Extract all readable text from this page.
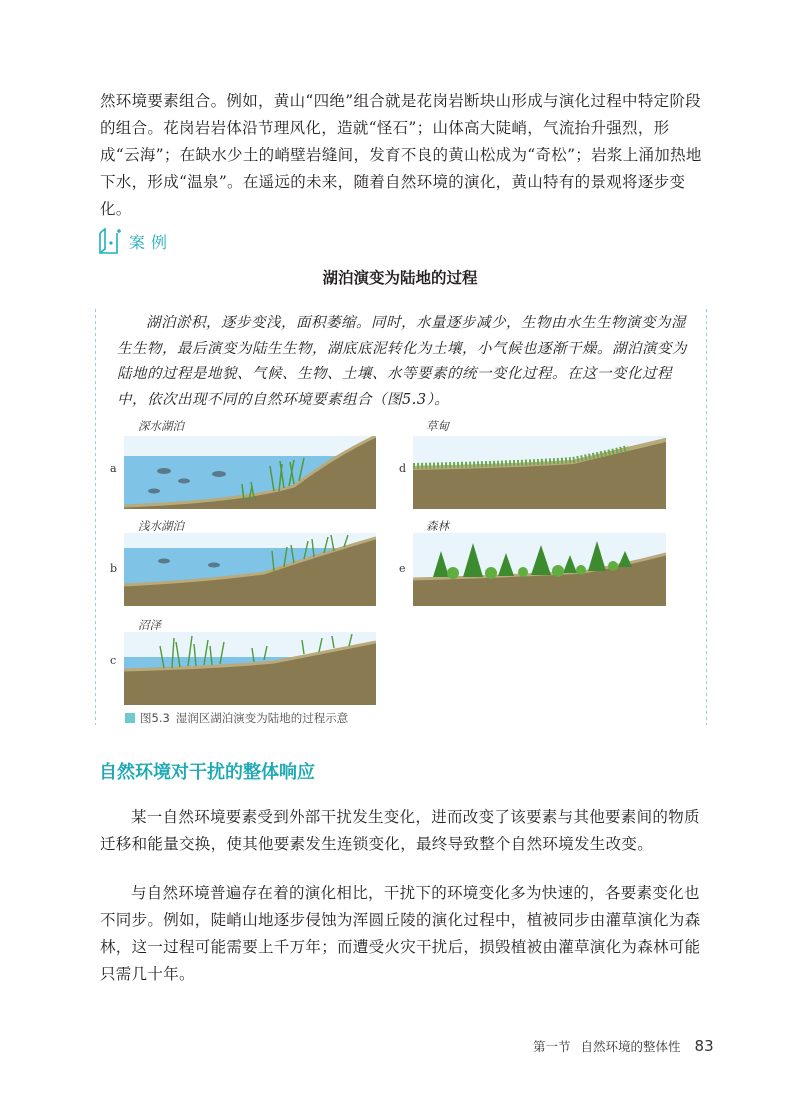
然环境要素组合。例如，黄山“四绝”组合就是花岗岩断块山形成与演化过程中特定阶段的组合。花岗岩岩体沿节理风化，造就“怪石”；山体高大陡峭，气流抬升强烈，形成“云海”；在缺水少土的峭壁岩缝间，发育不良的黄山松成为“奇松”；岩浆上涌加热地下水，形成“温泉”。在遥远的未来，随着自然环境的演化，黄山特有的景观将逐步变化。

案例
湖泊演变为陆地的过程

湖泊淤积，逐步变浅，面积萎缩。同时，水量逐步减少，生物由水生生物演变为湿生生物，最后演变为陆生生物，湖底底泥转化为土壤，小气候也逐渐干燥。湖泊演变为陆地的过程是地貌、气候、生物、土壤、水等要素的统一变化过程。在这一变化过程中，依次出现不同的自然环境要素组合（图5.3）。

深水湖泊
a
浅水湖泊
b
沼泽
c
草甸
d
森林
e
图5.3 湿润区湖泊演变为陆地的过程示意
自然环境对干扰的整体响应

某一自然环境要素受到外部干扰发生变化，进而改变了该要素与其他要素间的物质迁移和能量交换，使其他要素发生连锁变化，最终导致整个自然环境发生改变。

与自然环境普遍存在着的演化相比，干扰下的环境变化多为快速的，各要素变化也不同步。例如，陡峭山地逐步侵蚀为浑圆丘陵的演化过程中，植被同步由灌草演化为森林，这一过程可能需要上千万年；而遭受火灾干扰后，损毁植被由灌草演化为森林可能只需几十年。

第一节 自然环境的整体性 83
